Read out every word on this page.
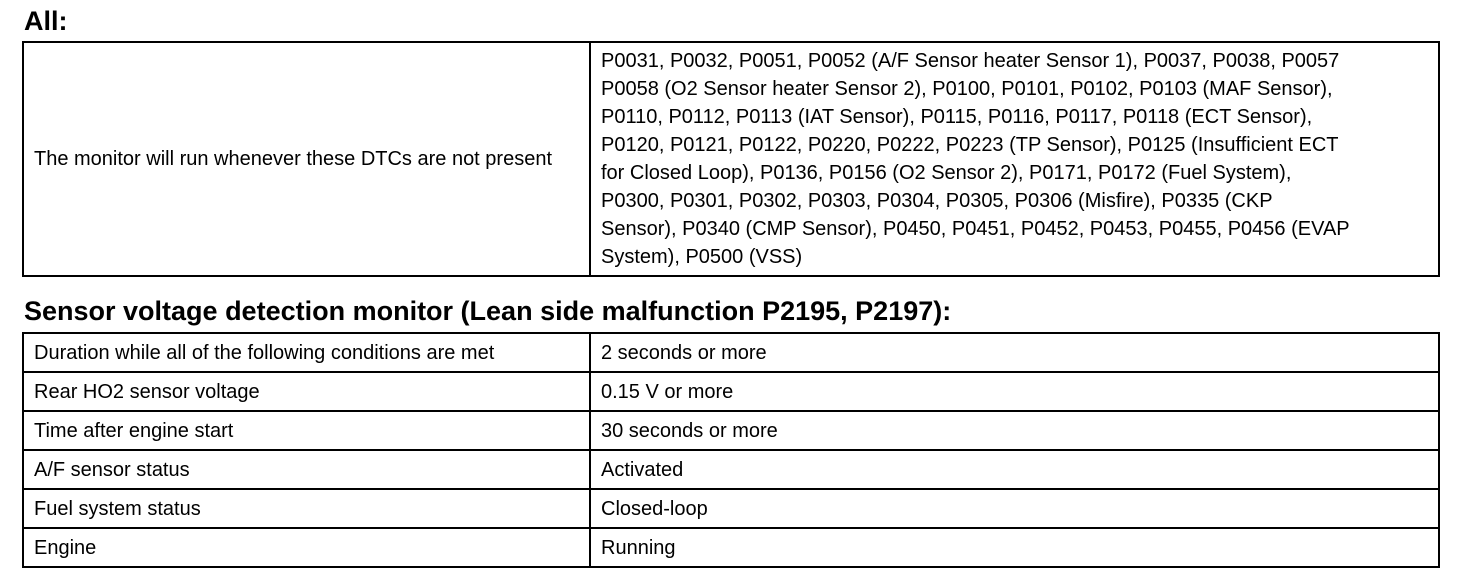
All:
The monitor will run whenever these DTCs are not present	P0031, P0032, P0051, P0052 (A/F Sensor heater Sensor 1), P0037, P0038, P0057
P0058 (O2 Sensor heater Sensor 2), P0100, P0101, P0102, P0103 (MAF Sensor),
P0110, P0112, P0113 (IAT Sensor), P0115, P0116, P0117, P0118 (ECT Sensor),
P0120, P0121, P0122, P0220, P0222, P0223 (TP Sensor), P0125 (Insufficient ECT
for Closed Loop), P0136, P0156 (O2 Sensor 2), P0171, P0172 (Fuel System),
P0300, P0301, P0302, P0303, P0304, P0305, P0306 (Misfire), P0335 (CKP
Sensor), P0340 (CMP Sensor), P0450, P0451, P0452, P0453, P0455, P0456 (EVAP
System), P0500 (VSS)
Sensor voltage detection monitor (Lean side malfunction P2195, P2197):
Duration while all of the following conditions are met	2 seconds or more
Rear HO2 sensor voltage	0.15 V or more
Time after engine start	30 seconds or more
A/F sensor status	Activated
Fuel system status	Closed-loop
Engine	Running
